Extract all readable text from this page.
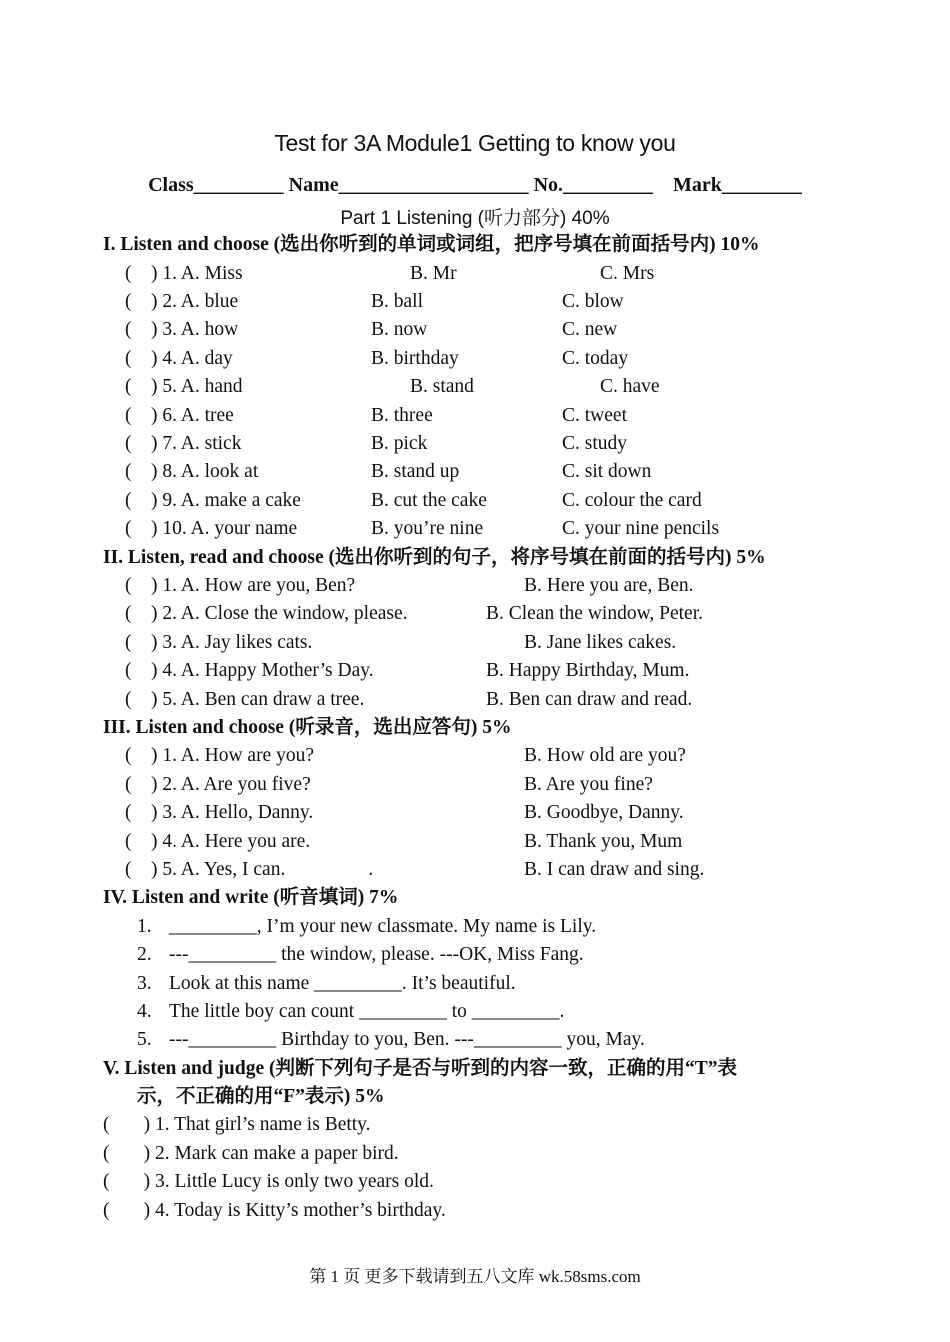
Test for 3A Module1 Getting to know you
Class_________ Name___________________ No._________    Mark________
Part 1 Listening (听力部分) 40%
I. Listen and choose (选出你听到的单词或词组，把序号填在前面括号内) 10%
(    ) 1. A. Miss	B. Mr	C. Mrs
(    ) 2. A. blue	B. ball	C. blow
(    ) 3. A. how	B. now	C. new
(    ) 4. A. day	B. birthday	C. today
(    ) 5. A. hand	B. stand	C. have
(    ) 6. A. tree	B. three	C. tweet
(    ) 7. A. stick	B. pick	C. study
(    ) 8. A. look at	B. stand up	C. sit down
(    ) 9. A. make a cake	B. cut the cake	C. colour the card
(    ) 10. A. your name	B. you’re nine	C. your nine pencils
II. Listen, read and choose (选出你听到的句子，将序号填在前面的括号内) 5%
(    ) 1. A. How are you, Ben?	B. Here you are, Ben.
(    ) 2. A. Close the window, please.	B. Clean the window, Peter.
(    ) 3. A. Jay likes cats.	B. Jane likes cakes.
(    ) 4. A. Happy Mother’s Day.	B. Happy Birthday, Mum.
(    ) 5. A. Ben can draw a tree.	B. Ben can draw and read.
III. Listen and choose (听录音，选出应答句) 5%
(    ) 1. A. How are you?	B. How old are you?
(    ) 2. A. Are you five?	B. Are you fine?
(    ) 3. A. Hello, Danny.	B. Goodbye, Danny.
(    ) 4. A. Here you are.	B. Thank you, Mum
(    ) 5. A. Yes, I can.                 .	B. I can draw and sing.
IV. Listen and write (听音填词) 7%
1. _________, I’m your new classmate. My name is Lily.
2. ---_________ the window, please. ---OK, Miss Fang.
3. Look at this name _________. It’s beautiful.
4. The little boy can count _________ to _________.
5. ---_________ Birthday to you, Ben. ---_________ you, May.
V. Listen and judge (判断下列句子是否与听到的内容一致，正确的用“T”表
示，不正确的用“F”表示) 5%
(       ) 1. That girl’s name is Betty.
(       ) 2. Mark can make a paper bird.
(       ) 3. Little Lucy is only two years old.
(       ) 4. Today is Kitty’s mother’s birthday.
第 1 页 更多下载请到五八文库 wk.58sms.com
